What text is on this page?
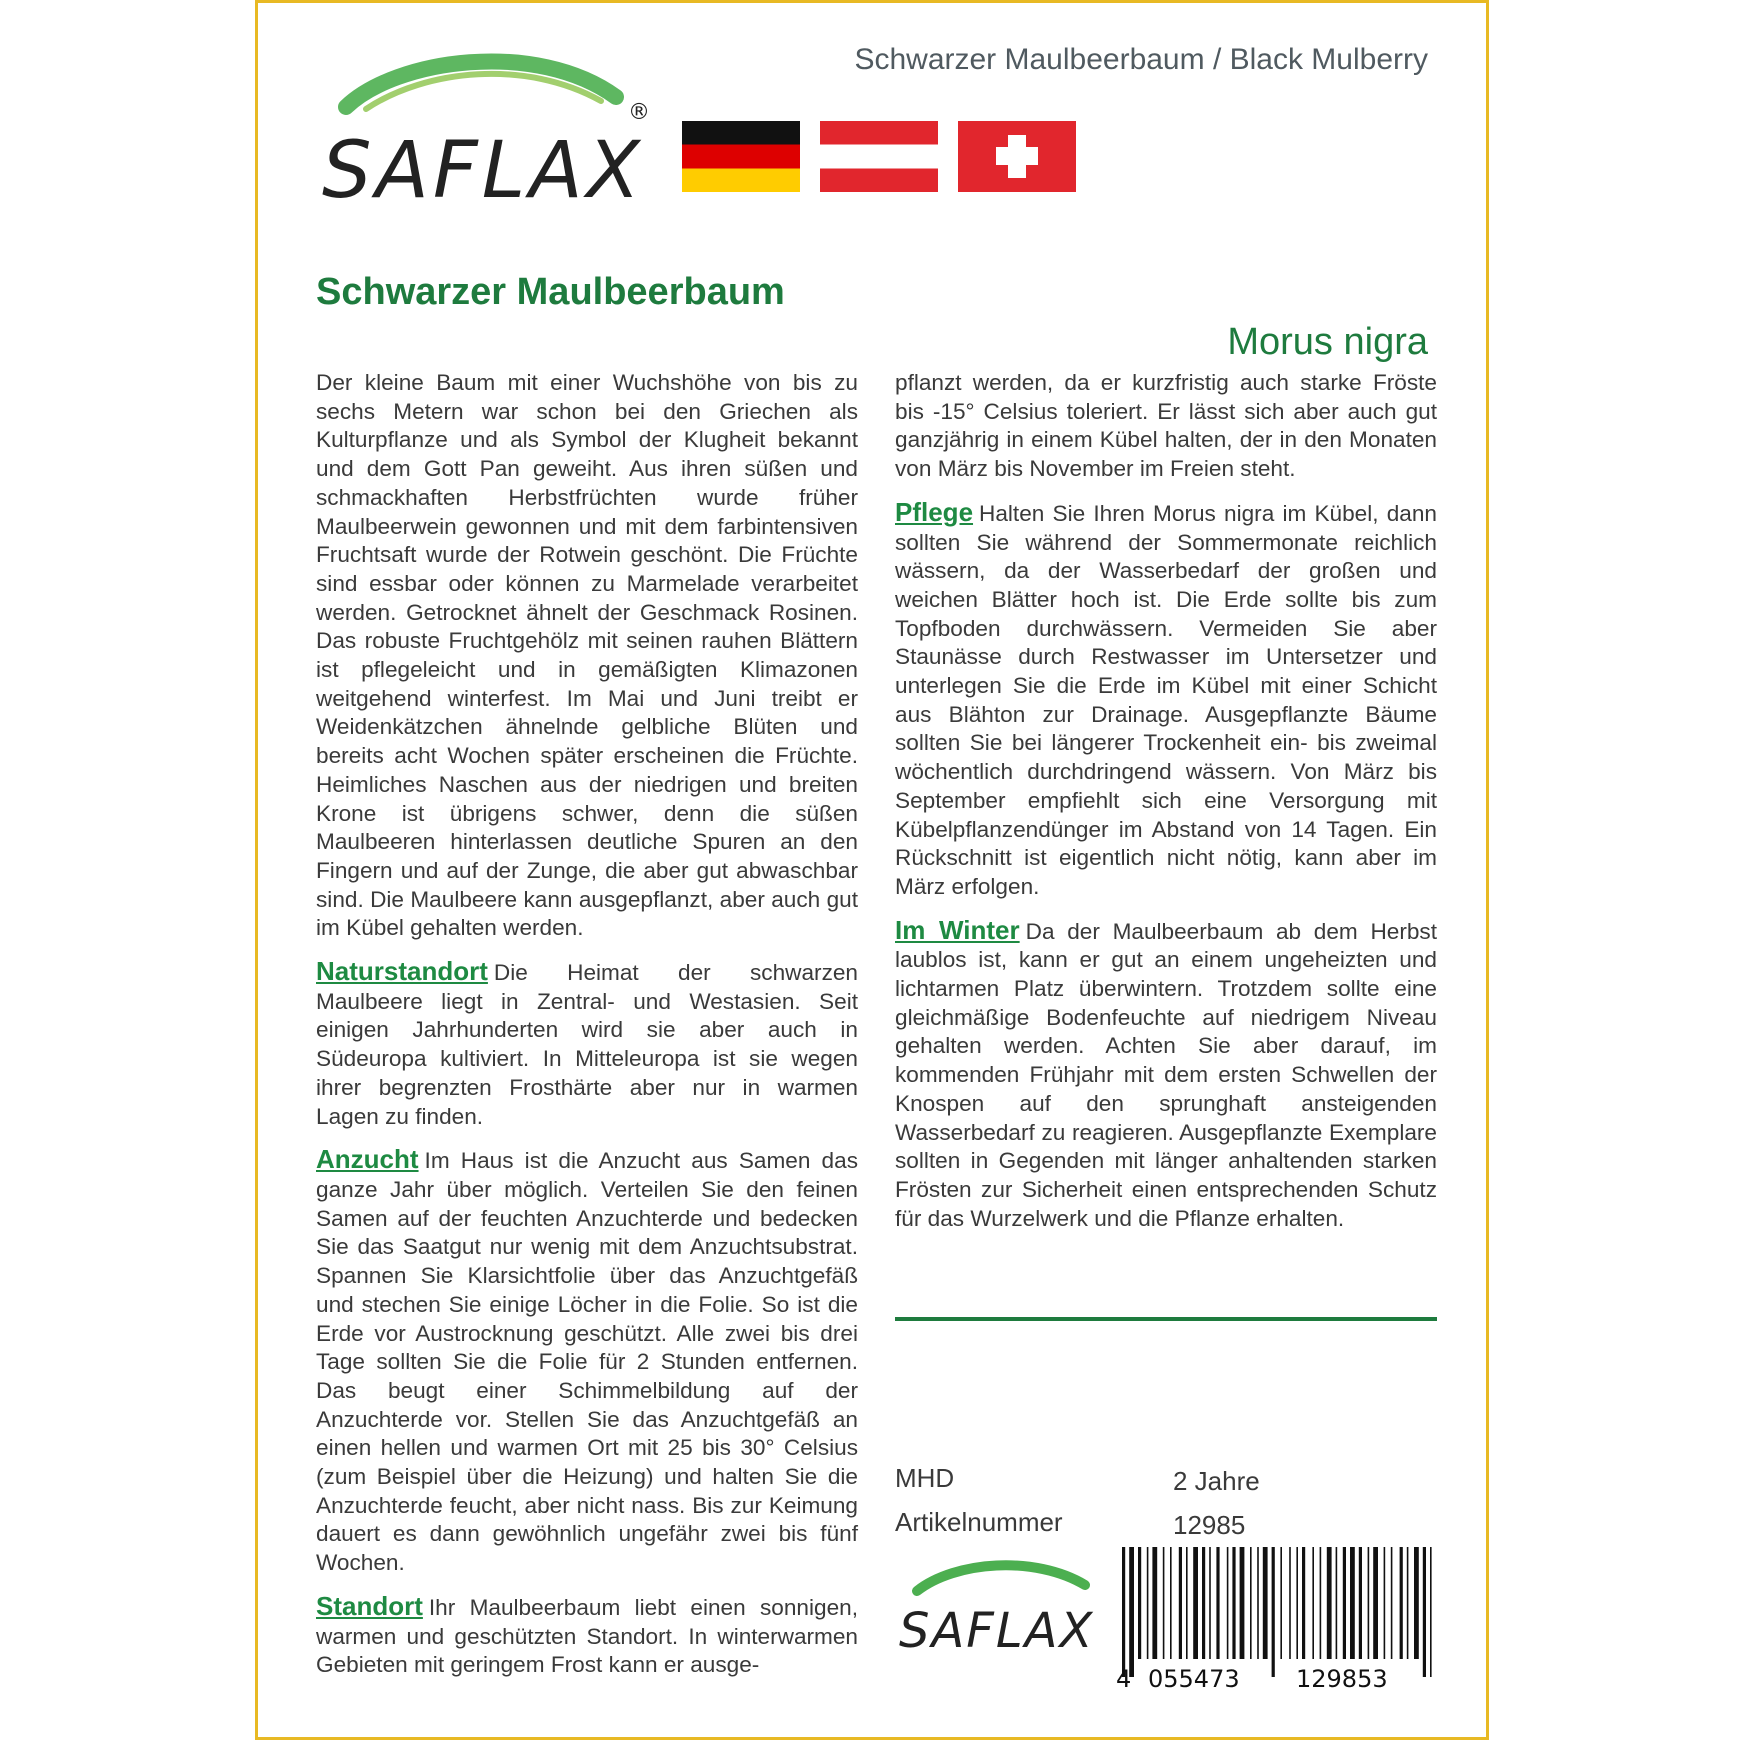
Schwarzer Maulbeerbaum / Black Mulberry
SAFLAX
®
Schwarzer Maulbeerbaum
Morus nigra

Der kleine Baum mit einer Wuchshöhe von bis zu sechs Metern war schon bei den Griechen als Kulturpflanze und als Symbol der Klugheit bekannt und dem Gott Pan geweiht. Aus ihren süßen und schmackhaften Herbstfrüchten wurde früher Maulbeerwein gewonnen und mit dem farbintensiven Fruchtsaft wurde der Rotwein geschönt. Die Früchte sind essbar oder können zu Marmelade verarbeitet werden. Getrocknet ähnelt der Geschmack Rosinen. Das robuste Fruchtgehölz mit seinen rauhen Blättern ist pflegeleicht und in gemäßigten Klimazonen weitgehend winterfest. Im Mai und Juni treibt er Weidenkätzchen ähnelnde gelbliche Blüten und bereits acht Wochen später erscheinen die Früchte. Heimliches Naschen aus der niedrigen und breiten Krone ist übrigens schwer, denn die süßen Maulbeeren hinterlassen deutliche Spuren an den Fingern und auf der Zunge, die aber gut abwaschbar sind. Die Maulbeere kann ausgepflanzt, aber auch gut im Kübel gehalten werden.

Naturstandort Die Heimat der schwarzen Maulbeere liegt in Zentral- und Westasien. Seit einigen Jahrhunderten wird sie aber auch in Südeuropa kultiviert. In Mitteleuropa ist sie wegen ihrer begrenzten Frosthärte aber nur in warmen Lagen zu finden.

Anzucht Im Haus ist die Anzucht aus Samen das ganze Jahr über möglich. Verteilen Sie den feinen Samen auf der feuchten Anzuchterde und bedecken Sie das Saatgut nur wenig mit dem Anzuchtsubstrat. Spannen Sie Klarsichtfolie über das Anzuchtgefäß und stechen Sie einige Löcher in die Folie. So ist die Erde vor Austrocknung geschützt. Alle zwei bis drei Tage sollten Sie die Folie für 2 Stunden entfernen. Das beugt einer Schimmelbildung auf der Anzuchterde vor. Stellen Sie das Anzuchtgefäß an einen hellen und warmen Ort mit 25 bis 30° Celsius (zum Beispiel über die Heizung) und halten Sie die Anzuchterde feucht, aber nicht nass. Bis zur Keimung dauert es dann gewöhnlich ungefähr zwei bis fünf Wochen.

Standort Ihr Maulbeerbaum liebt einen sonnigen, warmen und geschützten Standort. In winterwarmen Gebieten mit geringem Frost kann er ausge-

pflanzt werden, da er kurzfristig auch starke Fröste bis -15° Celsius toleriert. Er lässt sich aber auch gut ganzjährig in einem Kübel halten, der in den Monaten von März bis November im Freien steht.

Pflege Halten Sie Ihren Morus nigra im Kübel, dann sollten Sie während der Sommermonate reichlich wässern, da der Wasserbedarf der großen und weichen Blätter hoch ist. Die Erde sollte bis zum Topfboden durchwässern. Vermeiden Sie aber Staunässe durch Restwasser im Untersetzer und unterlegen Sie die Erde im Kübel mit einer Schicht aus Blähton zur Drainage. Ausgepflanzte Bäume sollten Sie bei längerer Trockenheit ein- bis zweimal wöchentlich durchdringend wässern. Von März bis September empfiehlt sich eine Versorgung mit Kübelpflanzendünger im Abstand von 14 Tagen. Ein Rückschnitt ist eigentlich nicht nötig, kann aber im März erfolgen.

Im Winter Da der Maulbeerbaum ab dem Herbst laublos ist, kann er gut an einem ungeheizten und lichtarmen Platz überwintern. Trotzdem sollte eine gleichmäßige Bodenfeuchte auf niedrigem Niveau gehalten werden. Achten Sie aber darauf, im kommenden Frühjahr mit dem ersten Schwellen der Knospen auf den sprunghaft ansteigenden Wasserbedarf zu reagieren. Ausgepflanzte Exemplare sollten in Gegenden mit länger anhaltenden starken Frösten zur Sicherheit einen entsprechenden Schutz für das Wurzelwerk und die Pflanze erhalten.

MHD	2 Jahre
Artikelnummer	12985
SAFLAX
4 055473 129853
